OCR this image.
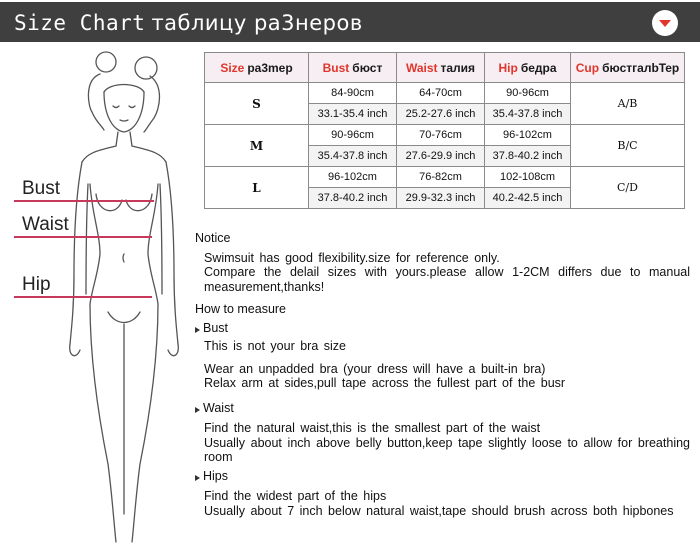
Size Chart таблицу ра3неров
Bust
Waist
Hip
Size pa3mep	Bust бюст	Waist талия	Hip бедра	Cup бюстгалbTep
S	84-90cm	64-70cm	90-96cm	A/B
	33.1-35.4 inch	25.2-27.6 inch	35.4-37.8 inch	
M	90-96cm	70-76cm	96-102cm	B/C
	35.4-37.8 inch	27.6-29.9 inch	37.8-40.2 inch	
L	96-102cm	76-82cm	102-108cm	C/D
	37.8-40.2 inch	29.9-32.3 inch	40.2-42.5 inch	
Notice
Swimsuit has good flexibility.size for reference only.
Compare the delail sizes with yours.please allow 1-2CM differs due to manual measurement,thanks!
How to measure
Bust
This is not your bra size
Wear an unpadded bra (your dress will have a built-in bra)
Relax arm at sides,pull tape across the fullest part of the busr
Waist
Find the natural waist,this is the smallest part of the waist
Usually about inch above belly button,keep tape slightly loose to allow for breathing room
Hips
Find the widest part of the hips
Usually about 7 inch below natural waist,tape should brush across both hipbones
